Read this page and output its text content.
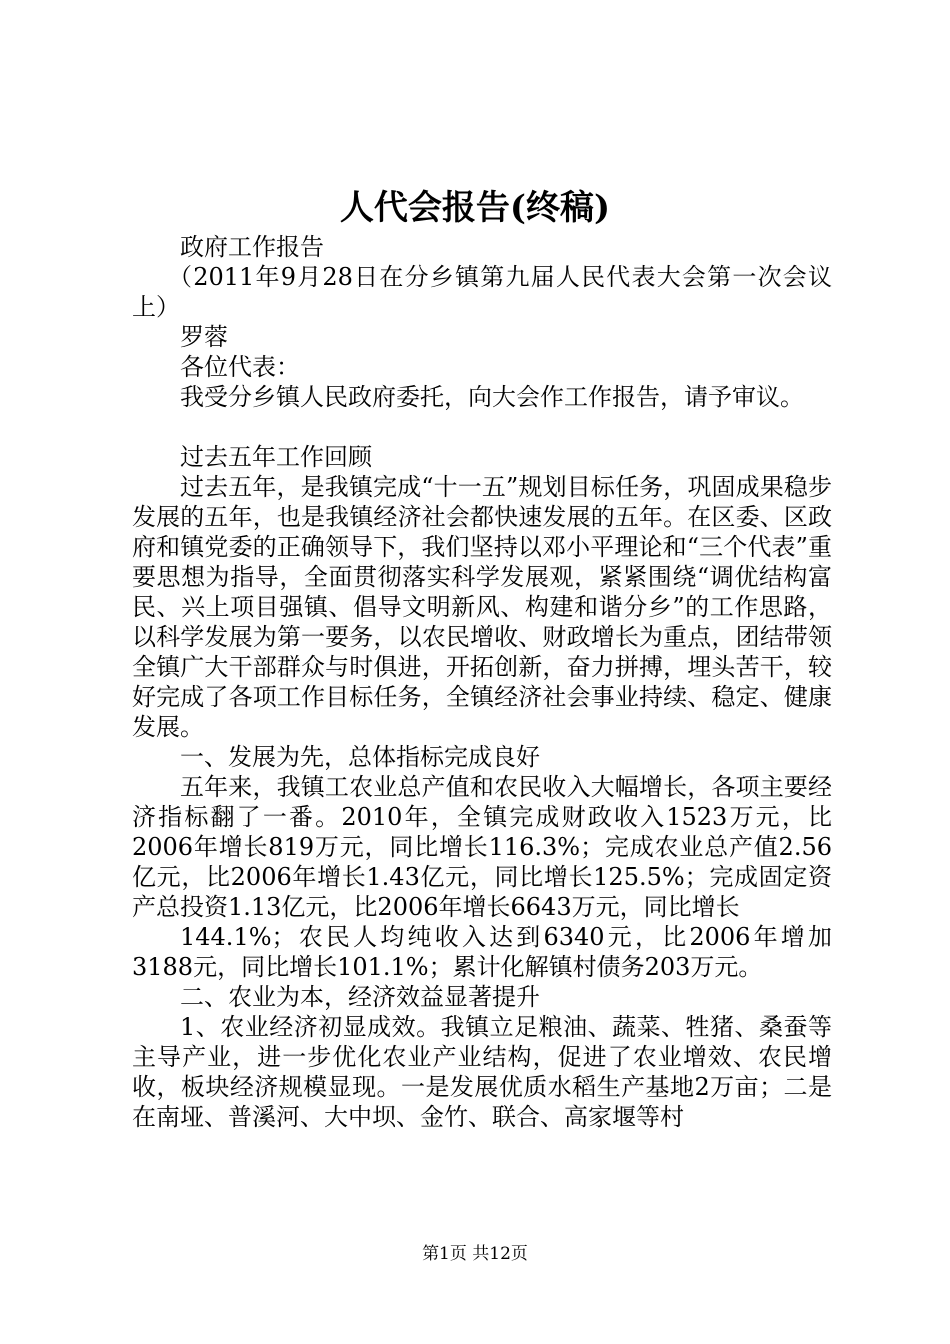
人代会报告(终稿)

政府工作报告

（2011年9月28日在分乡镇第九届人民代表大会第一次会议上）

罗蓉

各位代表：

我受分乡镇人民政府委托，向大会作工作报告，请予审议。

过去五年工作回顾

过去五年，是我镇完成“十一五”规划目标任务，巩固成果稳步发展的五年，也是我镇经济社会都快速发展的五年。在区委、区政府和镇党委的正确领导下，我们坚持以邓小平理论和“三个代表”重要思想为指导，全面贯彻落实科学发展观，紧紧围绕“调优结构富民、兴上项目强镇、倡导文明新风、构建和谐分乡”的工作思路，以科学发展为第一要务，以农民增收、财政增长为重点，团结带领全镇广大干部群众与时俱进，开拓创新，奋力拼搏，埋头苦干，较好完成了各项工作目标任务，全镇经济社会事业持续、稳定、健康发展。

一、发展为先，总体指标完成良好

五年来，我镇工农业总产值和农民收入大幅增长，各项主要经济指标翻了一番。2010年，全镇完成财政收入1523万元，比2006年增长819万元，同比增长116.3%；完成农业总产值2.56亿元，比2006年增长1.43亿元，同比增长125.5%；完成固定资产总投资1.13亿元，比2006年增长6643万元，同比增长

144.1%；农民人均纯收入达到6340元，比2006年增加3188元，同比增长101.1%；累计化解镇村债务203万元。

二、农业为本，经济效益显著提升

1、农业经济初显成效。我镇立足粮油、蔬菜、牲猪、桑蚕等主导产业，进一步优化农业产业结构，促进了农业增效、农民增收，板块经济规模显现。一是发展优质水稻生产基地2万亩；二是在南垭、普溪河、大中坝、金竹、联合、高家堰等村

第1页 共12页
